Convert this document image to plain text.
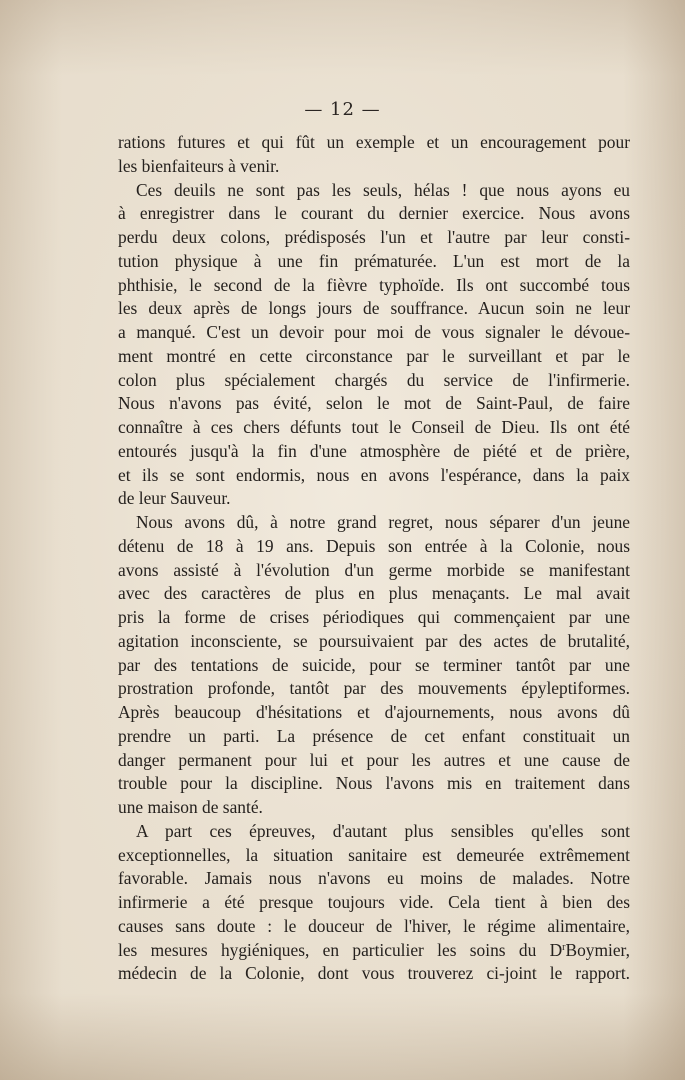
— 12 —
rations futures et qui fût un exemple et un encouragement pour
les bienfaiteurs à venir.
Ces deuils ne sont pas les seuls, hélas ! que nous ayons eu
à enregistrer dans le courant du dernier exercice. Nous avons
perdu deux colons, prédisposés l'un et l'autre par leur consti-
tution physique à une fin prématurée. L'un est mort de la
phthisie, le second de la fièvre typhoïde. Ils ont succombé tous
les deux après de longs jours de souffrance. Aucun soin ne leur
a manqué. C'est un devoir pour moi de vous signaler le dévoue-
ment montré en cette circonstance par le surveillant et par le
colon plus spécialement chargés du service de l'infirmerie.
Nous n'avons pas évité, selon le mot de Saint-Paul, de faire
connaître à ces chers défunts tout le Conseil de Dieu. Ils ont été
entourés jusqu'à la fin d'une atmosphère de piété et de prière,
et ils se sont endormis, nous en avons l'espérance, dans la paix
de leur Sauveur.
Nous avons dû, à notre grand regret, nous séparer d'un jeune
détenu de 18 à 19 ans. Depuis son entrée à la Colonie, nous
avons assisté à l'évolution d'un germe morbide se manifestant
avec des caractères de plus en plus menaçants. Le mal avait
pris la forme de crises périodiques qui commençaient par une
agitation inconsciente, se poursuivaient par des actes de brutalité,
par des tentations de suicide, pour se terminer tantôt par une
prostration profonde, tantôt par des mouvements épyleptiformes.
Après beaucoup d'hésitations et d'ajournements, nous avons dû
prendre un parti. La présence de cet enfant constituait un
danger permanent pour lui et pour les autres et une cause de
trouble pour la discipline. Nous l'avons mis en traitement dans
une maison de santé.
A part ces épreuves, d'autant plus sensibles qu'elles sont
exceptionnelles, la situation sanitaire est demeurée extrêmement
favorable. Jamais nous n'avons eu moins de malades. Notre
infirmerie a été presque toujours vide. Cela tient à bien des
causes sans doute : le douceur de l'hiver, le régime alimentaire,
les mesures hygiéniques, en particulier les soins du $D^rBoymier$,
médecin de la Colonie, dont vous trouverez ci-joint le rapport.
